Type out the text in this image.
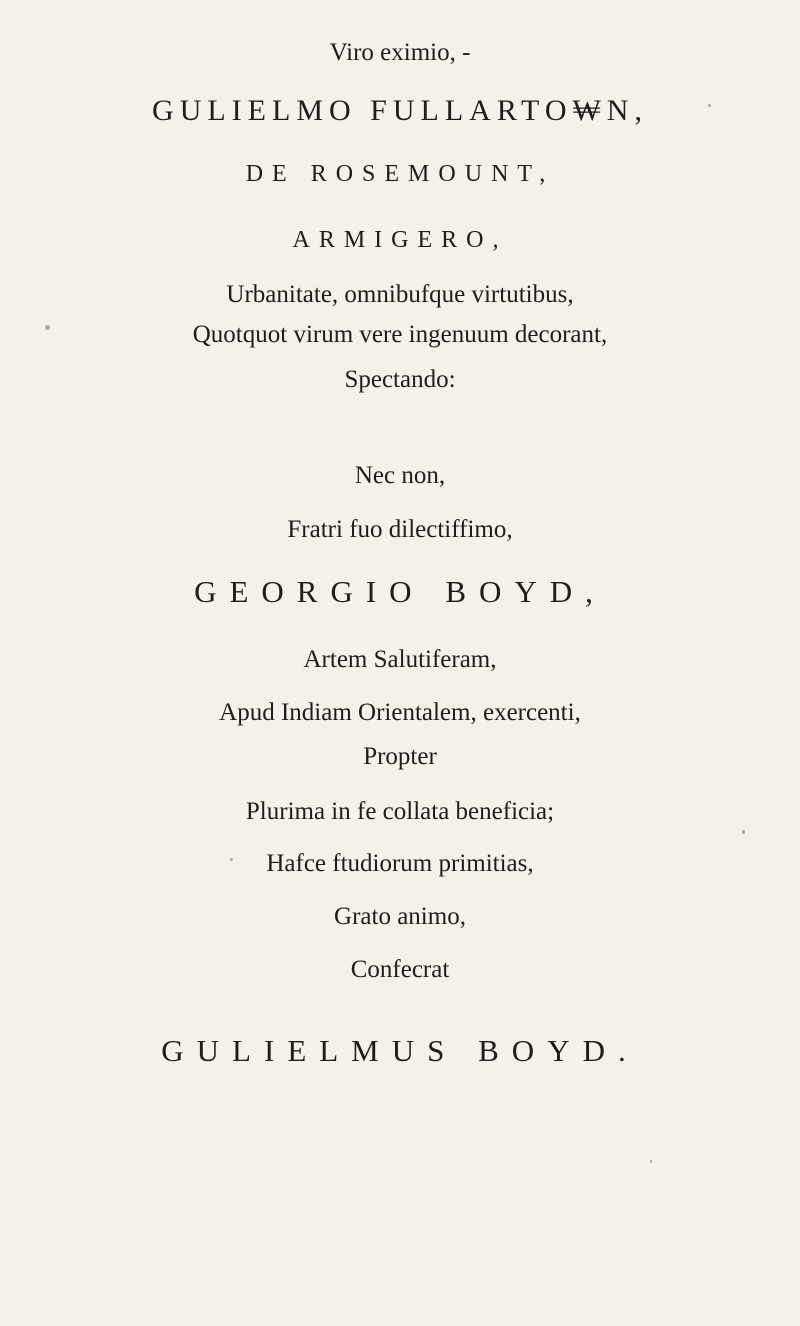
Viro eximio, -
GULIELMO FULLARTO₩N,
DE ROSEMOUNT,
ARMIGERO,
Urbanitate, omnibufque virtutibus,
Quotquot virum vere ingenuum decorant,
Spectando:
Nec non,
Fratri fuo dilectiffimo,
GEORGIO BOYD,
Artem Salutiferam,
Apud Indiam Orientalem, exercenti,
Propter
Plurima in fe collata beneficia;
Hafce ftudiorum primitias,
Grato animo,
Confecrat
GULIELMUS BOYD.
